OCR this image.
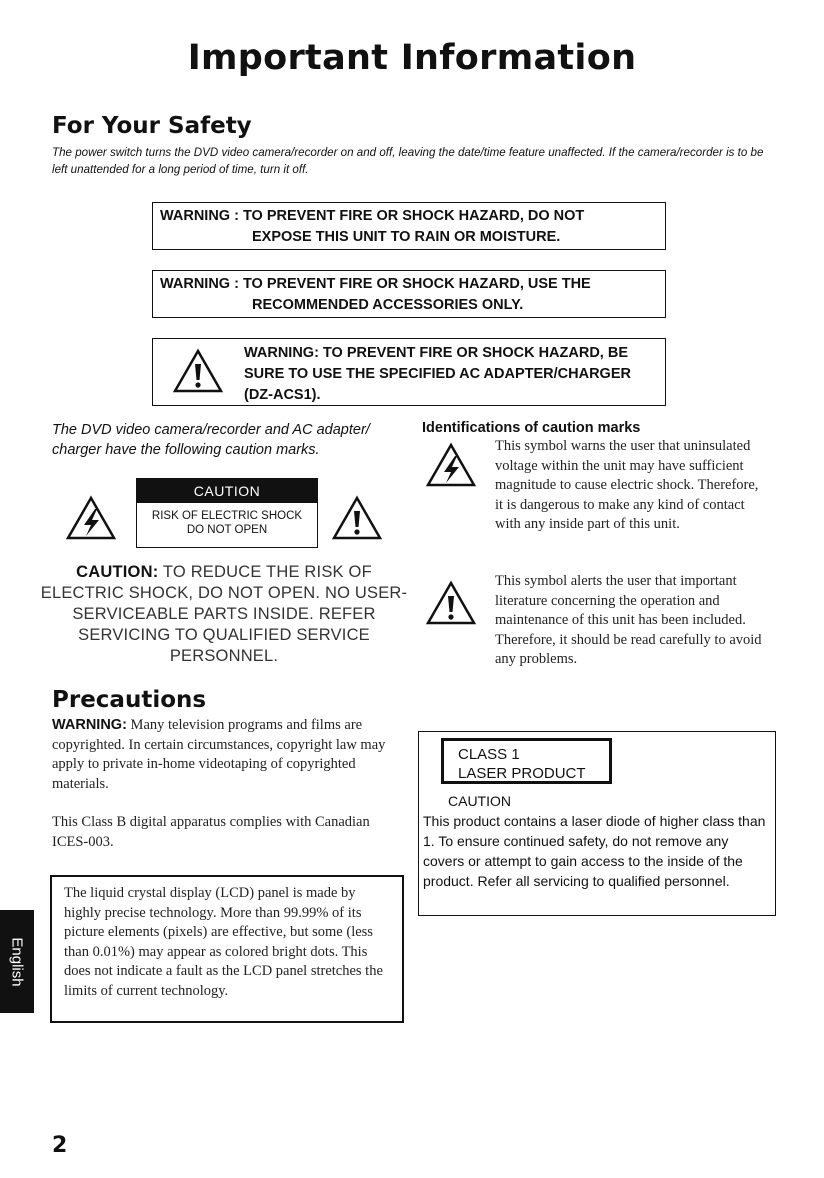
Important Information
For Your Safety
The power switch turns the DVD video camera/recorder on and off, leaving the date/time feature unaffected. If the camera/recorder is to be left unattended for a long period of time, turn it off.
WARNING : TO PREVENT FIRE OR SHOCK HAZARD, DO NOT
EXPOSE THIS UNIT TO RAIN OR MOISTURE.
WARNING : TO PREVENT FIRE OR SHOCK HAZARD, USE THE
RECOMMENDED ACCESSORIES ONLY.
WARNING: TO PREVENT FIRE OR SHOCK HAZARD, BE
SURE TO USE THE SPECIFIED AC ADAPTER/CHARGER
(DZ-ACS1).
The DVD video camera/recorder and AC adapter/ charger have the following caution marks.
CAUTION
RISK OF ELECTRIC SHOCK
DO NOT OPEN
CAUTION: TO REDUCE THE RISK OF ELECTRIC SHOCK, DO NOT OPEN. NO USER-SERVICEABLE PARTS INSIDE. REFER SERVICING TO QUALIFIED SERVICE PERSONNEL.
Identifications of caution marks
This symbol warns the user that uninsulated voltage within the unit may have sufficient magnitude to cause electric shock. Therefore, it is dangerous to make any kind of contact with any inside part of this unit.
This symbol alerts the user that important literature concerning the operation and maintenance of this unit has been included. Therefore, it should be read carefully to avoid any problems.
Precautions
WARNING: Many television programs and films are copyrighted. In certain circumstances, copyright law may apply to private in-home videotaping of copyrighted materials.
This Class B digital apparatus complies with Canadian ICES-003.
The liquid crystal display (LCD) panel is made by highly precise technology. More than 99.99% of its picture elements (pixels) are effective, but some (less than 0.01%) may appear as colored bright dots. This does not indicate a fault as the LCD panel stretches the limits of current technology.
CLASS 1
LASER PRODUCT
CAUTION
This product contains a laser diode of higher class than 1. To ensure continued safety, do not remove any covers or attempt to gain access to the inside of the product. Refer all servicing to qualified personnel.
English
2
